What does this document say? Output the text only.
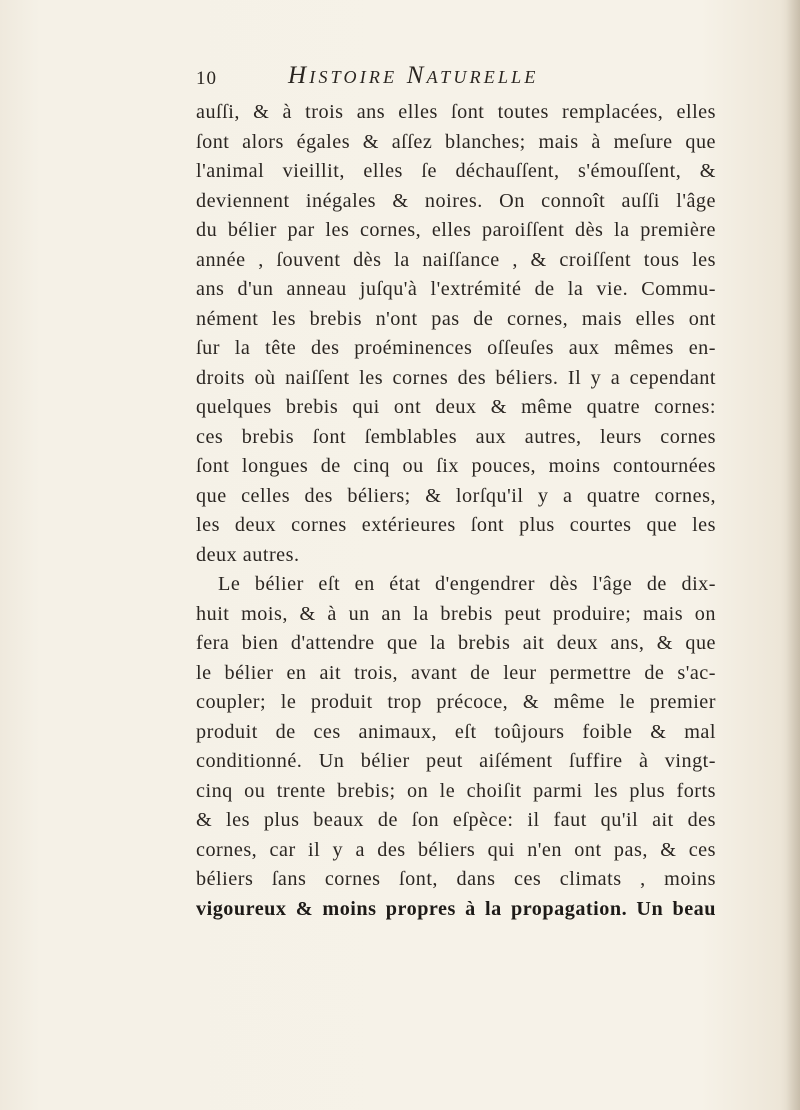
10	Histoire Naturelle
auſſi, & à trois ans elles ſont toutes remplacées, elles
ſont alors égales & aſſez blanches; mais à meſure que
l'animal vieillit, elles ſe déchauſſent, s'émouſſent, &
deviennent inégales & noires. On connoît auſſi l'âge
du bélier par les cornes, elles paroiſſent dès la première
année , ſouvent dès la naiſſance , & croiſſent tous les
ans d'un anneau juſqu'à l'extrémité de la vie. Commu-
nément les brebis n'ont pas de cornes, mais elles ont
ſur la tête des proéminences oſſeuſes aux mêmes en-
droits où naiſſent les cornes des béliers. Il y a cependant
quelques brebis qui ont deux & même quatre cornes:
ces brebis ſont ſemblables aux autres, leurs cornes
ſont longues de cinq ou ſix pouces, moins contournées
que celles des béliers; & lorſqu'il y a quatre cornes,
les deux cornes extérieures ſont plus courtes que les
deux autres.
Le bélier eſt en état d'engendrer dès l'âge de dix-
huit mois, & à un an la brebis peut produire; mais on
fera bien d'attendre que la brebis ait deux ans, & que
le bélier en ait trois, avant de leur permettre de s'ac-
coupler; le produit trop précoce, & même le premier
produit de ces animaux, eſt toûjours foible & mal
conditionné. Un bélier peut aiſément ſuffire à vingt-
cinq ou trente brebis; on le choiſit parmi les plus forts
& les plus beaux de ſon eſpèce: il faut qu'il ait des
cornes, car il y a des béliers qui n'en ont pas, & ces
béliers ſans cornes ſont, dans ces climats , moins
vigoureux & moins propres à la propagation. Un beau
